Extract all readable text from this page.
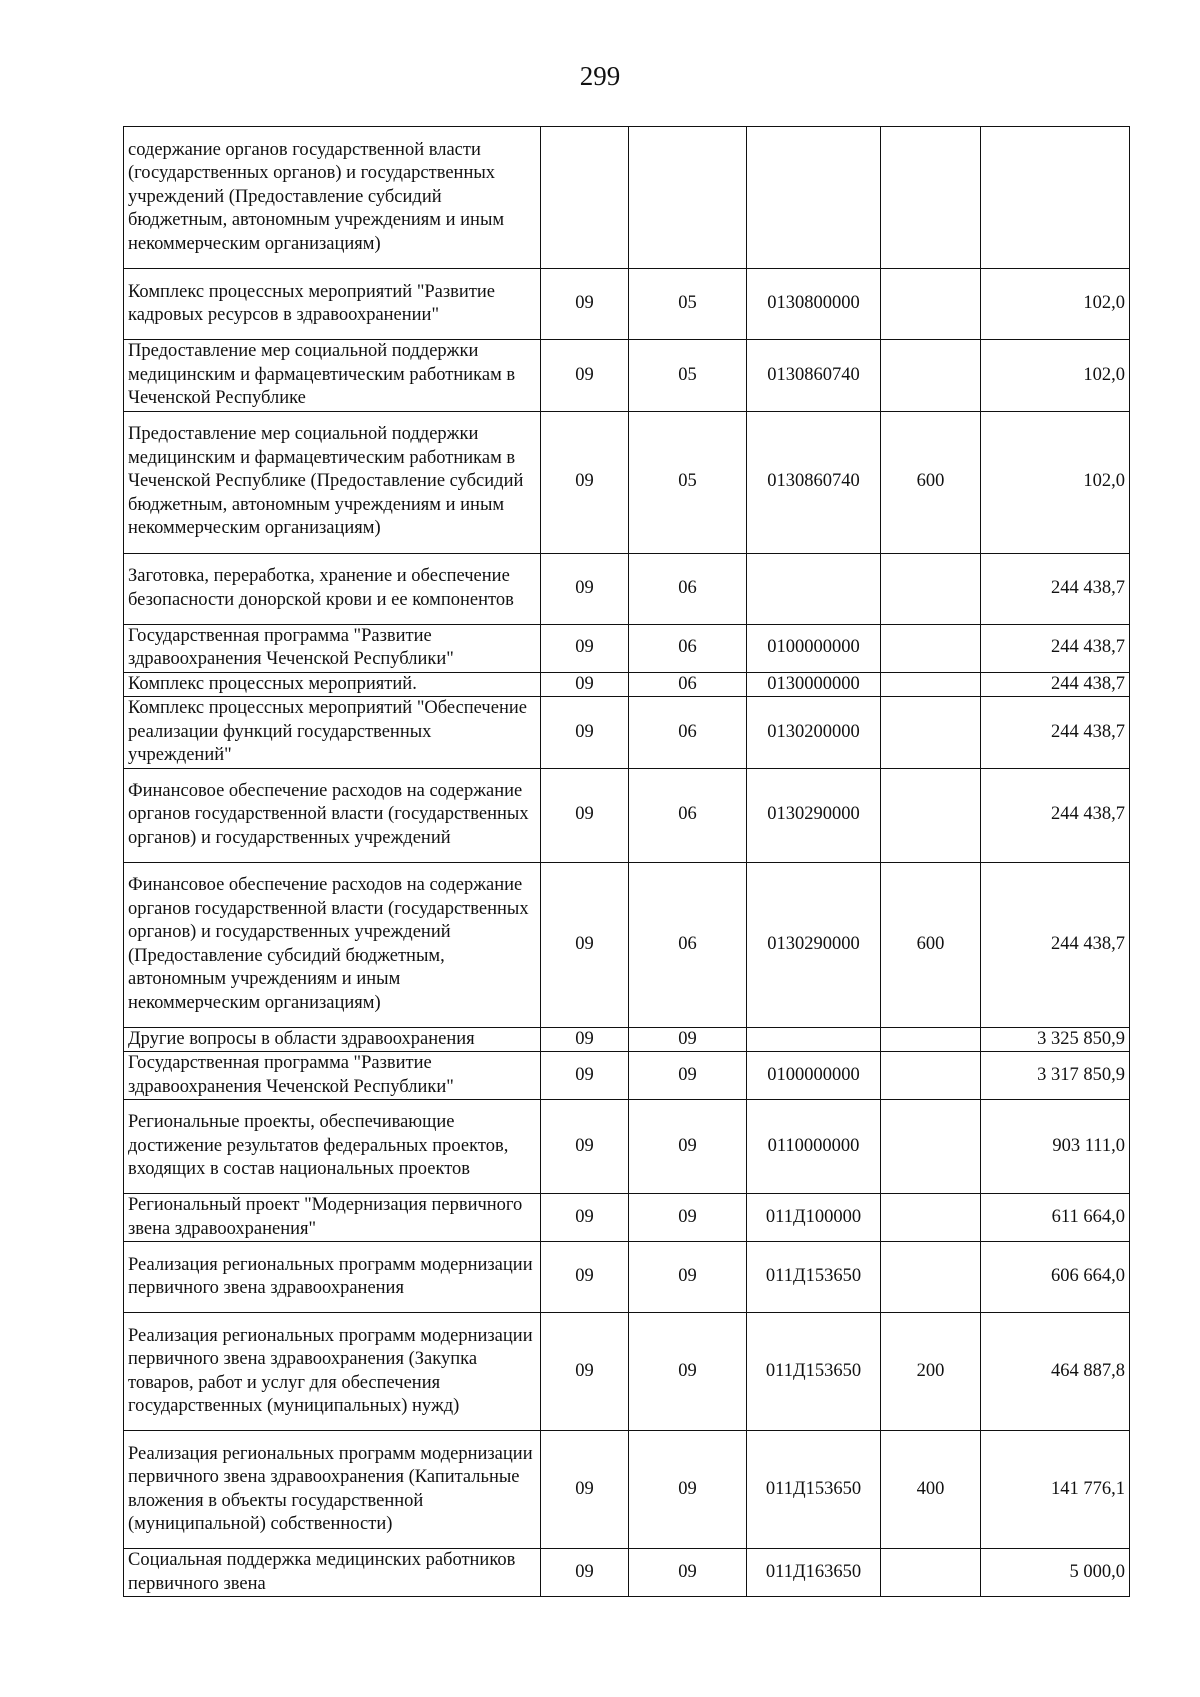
299
содержание органов государственной власти (государственных органов) и государственных учреждений (Предоставление субсидий бюджетным, автономным учреждениям и иным некоммерческим организациям)					
Комплекс процессных мероприятий "Развитие кадровых ресурсов в здравоохранении"	09	05	0130800000		102,0
Предоставление мер социальной поддержки медицинским и фармацевтическим работникам в Чеченской Республике	09	05	0130860740		102,0
Предоставление мер социальной поддержки медицинским и фармацевтическим работникам в Чеченской Республике (Предоставление субсидий бюджетным, автономным учреждениям и иным некоммерческим организациям)	09	05	0130860740	600	102,0
Заготовка, переработка, хранение и обеспечение безопасности донорской крови и ее компонентов	09	06			244 438,7
Государственная программа "Развитие здравоохранения Чеченской Республики"	09	06	0100000000		244 438,7
Комплекс процессных мероприятий.	09	06	0130000000		244 438,7
Комплекс процессных мероприятий "Обеспечение реализации функций государственных учреждений"	09	06	0130200000		244 438,7
Финансовое обеспечение расходов на содержание органов государственной власти (государственных органов) и государственных учреждений	09	06	0130290000		244 438,7
Финансовое обеспечение расходов на содержание органов государственной власти (государственных органов) и государственных учреждений (Предоставление субсидий бюджетным, автономным учреждениям и иным некоммерческим организациям)	09	06	0130290000	600	244 438,7
Другие вопросы в области здравоохранения	09	09			3 325 850,9
Государственная программа "Развитие здравоохранения Чеченской Республики"	09	09	0100000000		3 317 850,9
Региональные проекты, обеспечивающие достижение результатов федеральных проектов, входящих в состав национальных проектов	09	09	0110000000		903 111,0
Региональный проект "Модернизация первичного звена здравоохранения"	09	09	011Д100000		611 664,0
Реализация региональных программ модернизации первичного звена здравоохранения	09	09	011Д153650		606 664,0
Реализация региональных программ модернизации первичного звена здравоохранения (Закупка товаров, работ и услуг для обеспечения государственных (муниципальных) нужд)	09	09	011Д153650	200	464 887,8
Реализация региональных программ модернизации первичного звена здравоохранения (Капитальные вложения в объекты государственной (муниципальной) собственности)	09	09	011Д153650	400	141 776,1
Социальная поддержка медицинских работников первичного звена	09	09	011Д163650		5 000,0
